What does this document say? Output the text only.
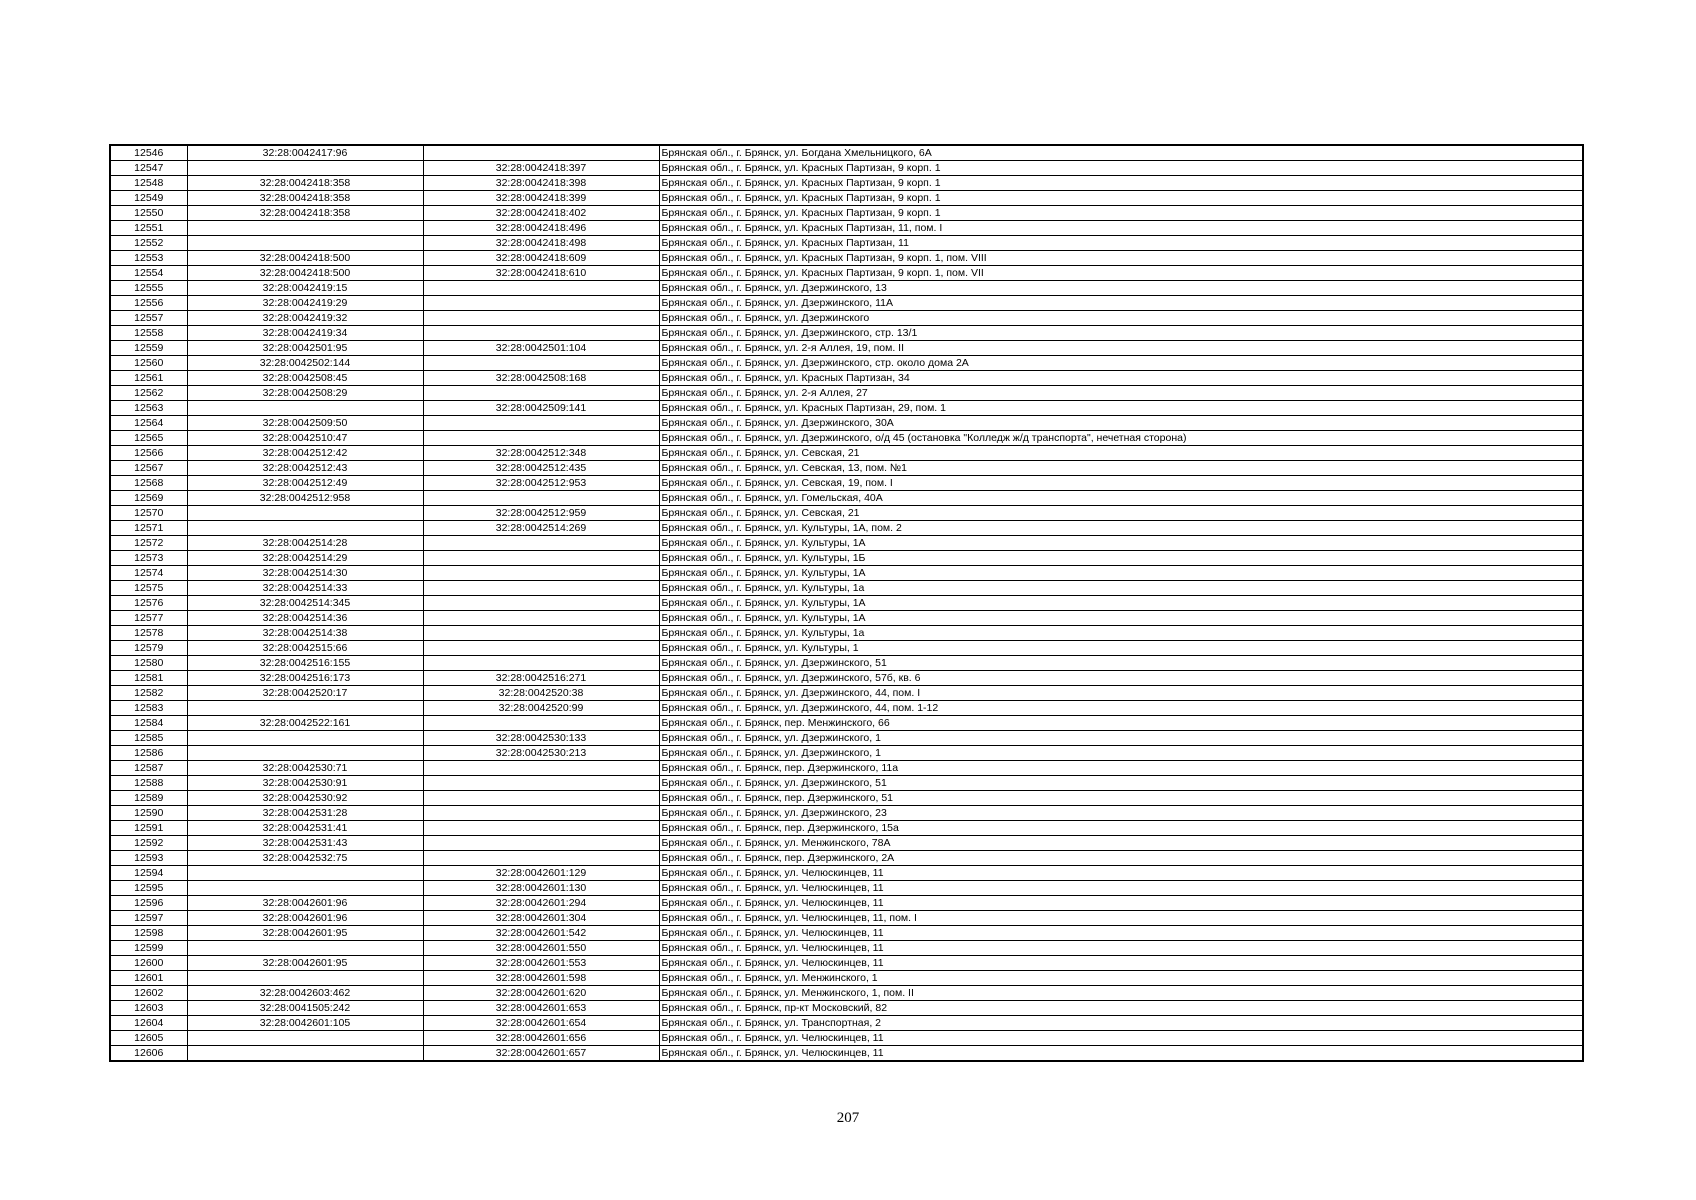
12546	32:28:0042417:96		Брянская обл., г. Брянск, ул. Богдана Хмельницкого, 6А
12547		32:28:0042418:397	Брянская обл., г. Брянск, ул. Красных Партизан, 9 корп. 1
12548	32:28:0042418:358	32:28:0042418:398	Брянская обл., г. Брянск, ул. Красных Партизан, 9 корп. 1
12549	32:28:0042418:358	32:28:0042418:399	Брянская обл., г. Брянск, ул. Красных Партизан, 9 корп. 1
12550	32:28:0042418:358	32:28:0042418:402	Брянская обл., г. Брянск, ул. Красных Партизан, 9 корп. 1
12551		32:28:0042418:496	Брянская обл., г. Брянск, ул. Красных Партизан, 11, пом. I
12552		32:28:0042418:498	Брянская обл., г. Брянск, ул. Красных Партизан, 11
12553	32:28:0042418:500	32:28:0042418:609	Брянская обл., г. Брянск, ул. Красных Партизан, 9 корп. 1, пом. VIII
12554	32:28:0042418:500	32:28:0042418:610	Брянская обл., г. Брянск, ул. Красных Партизан, 9 корп. 1, пом. VII
12555	32:28:0042419:15		Брянская обл., г. Брянск, ул. Дзержинского, 13
12556	32:28:0042419:29		Брянская обл., г. Брянск, ул. Дзержинского, 11А
12557	32:28:0042419:32		Брянская обл., г. Брянск, ул. Дзержинского
12558	32:28:0042419:34		Брянская обл., г. Брянск, ул. Дзержинского, стр. 13/1
12559	32:28:0042501:95	32:28:0042501:104	Брянская обл., г. Брянск, ул. 2-я Аллея, 19, пом. II
12560	32:28:0042502:144		Брянская обл., г. Брянск, ул. Дзержинского, стр. около дома 2А
12561	32:28:0042508:45	32:28:0042508:168	Брянская обл., г. Брянск, ул. Красных Партизан, 34
12562	32:28:0042508:29		Брянская обл., г. Брянск, ул. 2-я Аллея, 27
12563		32:28:0042509:141	Брянская обл., г. Брянск, ул. Красных Партизан, 29, пом. 1
12564	32:28:0042509:50		Брянская обл., г. Брянск, ул. Дзержинского, 30А
12565	32:28:0042510:47		Брянская обл., г. Брянск, ул. Дзержинского, о/д 45 (остановка "Колледж ж/д транспорта", нечетная сторона)
12566	32:28:0042512:42	32:28:0042512:348	Брянская обл., г. Брянск, ул. Севская, 21
12567	32:28:0042512:43	32:28:0042512:435	Брянская обл., г. Брянск, ул. Севская, 13, пом. №1
12568	32:28:0042512:49	32:28:0042512:953	Брянская обл., г. Брянск, ул. Севская, 19, пом. I
12569	32:28:0042512:958		Брянская обл., г. Брянск, ул. Гомельская, 40А
12570		32:28:0042512:959	Брянская обл., г. Брянск, ул. Севская, 21
12571		32:28:0042514:269	Брянская обл., г. Брянск, ул. Культуры, 1А, пом. 2
12572	32:28:0042514:28		Брянская обл., г. Брянск, ул. Культуры, 1А
12573	32:28:0042514:29		Брянская обл., г. Брянск, ул. Культуры, 1Б
12574	32:28:0042514:30		Брянская обл., г. Брянск, ул. Культуры, 1А
12575	32:28:0042514:33		Брянская обл., г. Брянск, ул. Культуры, 1а
12576	32:28:0042514:345		Брянская обл., г. Брянск, ул. Культуры, 1А
12577	32:28:0042514:36		Брянская обл., г. Брянск, ул. Культуры, 1А
12578	32:28:0042514:38		Брянская обл., г. Брянск, ул. Культуры, 1а
12579	32:28:0042515:66		Брянская обл., г. Брянск, ул. Культуры, 1
12580	32:28:0042516:155		Брянская обл., г. Брянск, ул. Дзержинского, 51
12581	32:28:0042516:173	32:28:0042516:271	Брянская обл., г. Брянск, ул. Дзержинского, 57б, кв. 6
12582	32:28:0042520:17	32:28:0042520:38	Брянская обл., г. Брянск, ул. Дзержинского, 44, пом. I
12583		32:28:0042520:99	Брянская обл., г. Брянск, ул. Дзержинского, 44, пом. 1-12
12584	32:28:0042522:161		Брянская обл., г. Брянск, пер. Менжинского, 66
12585		32:28:0042530:133	Брянская обл., г. Брянск, ул. Дзержинского, 1
12586		32:28:0042530:213	Брянская обл., г. Брянск, ул. Дзержинского, 1
12587	32:28:0042530:71		Брянская обл., г. Брянск, пер. Дзержинского, 11а
12588	32:28:0042530:91		Брянская обл., г. Брянск, ул. Дзержинского, 51
12589	32:28:0042530:92		Брянская обл., г. Брянск, пер. Дзержинского, 51
12590	32:28:0042531:28		Брянская обл., г. Брянск, ул. Дзержинского, 23
12591	32:28:0042531:41		Брянская обл., г. Брянск, пер. Дзержинского, 15а
12592	32:28:0042531:43		Брянская обл., г. Брянск, ул. Менжинского, 78А
12593	32:28:0042532:75		Брянская обл., г. Брянск, пер. Дзержинского, 2А
12594		32:28:0042601:129	Брянская обл., г. Брянск, ул. Челюскинцев, 11
12595		32:28:0042601:130	Брянская обл., г. Брянск, ул. Челюскинцев, 11
12596	32:28:0042601:96	32:28:0042601:294	Брянская обл., г. Брянск, ул. Челюскинцев, 11
12597	32:28:0042601:96	32:28:0042601:304	Брянская обл., г. Брянск, ул. Челюскинцев, 11, пом. I
12598	32:28:0042601:95	32:28:0042601:542	Брянская обл., г. Брянск, ул. Челюскинцев, 11
12599		32:28:0042601:550	Брянская обл., г. Брянск, ул. Челюскинцев, 11
12600	32:28:0042601:95	32:28:0042601:553	Брянская обл., г. Брянск, ул. Челюскинцев, 11
12601		32:28:0042601:598	Брянская обл., г. Брянск, ул. Менжинского, 1
12602	32:28:0042603:462	32:28:0042601:620	Брянская обл., г. Брянск, ул. Менжинского, 1, пом. II
12603	32:28:0041505:242	32:28:0042601:653	Брянская обл., г. Брянск, пр-кт Московский, 82
12604	32:28:0042601:105	32:28:0042601:654	Брянская обл., г. Брянск, ул. Транспортная, 2
12605		32:28:0042601:656	Брянская обл., г. Брянск, ул. Челюскинцев, 11
12606		32:28:0042601:657	Брянская обл., г. Брянск, ул. Челюскинцев, 11
207
